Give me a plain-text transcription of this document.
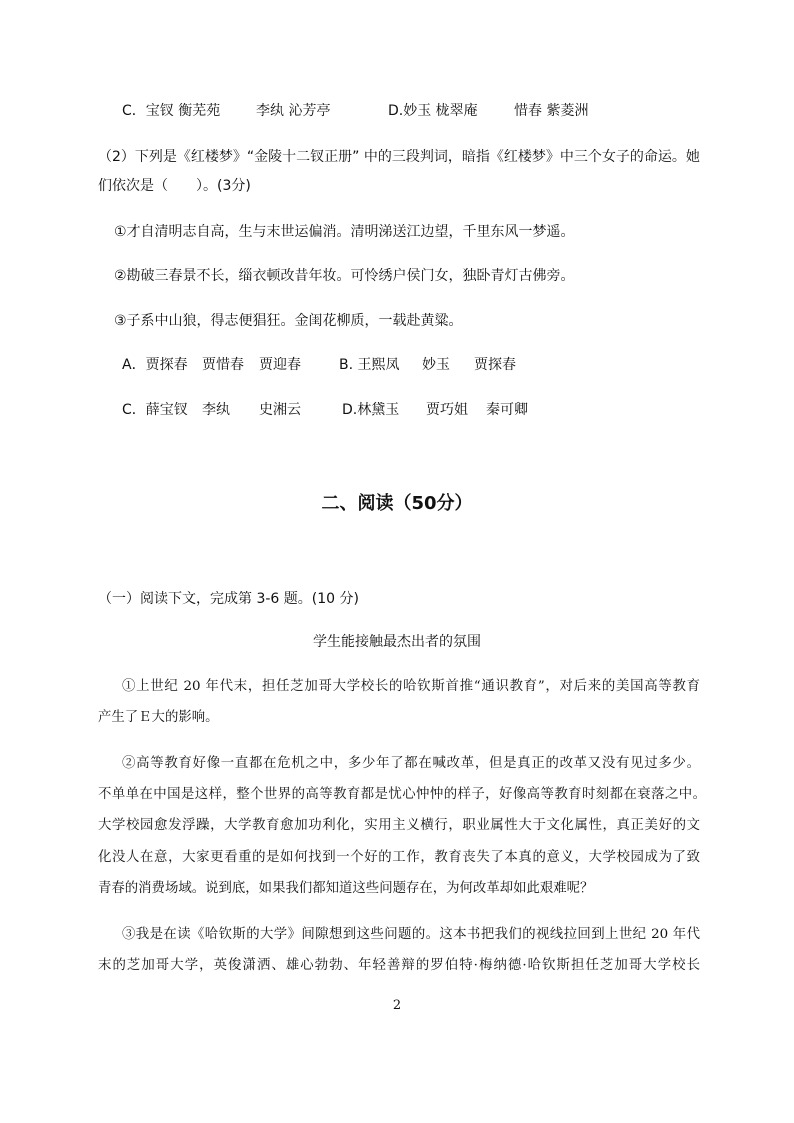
C．宝钗 衡芜苑	李纨 沁芳亭	D.妙玉 栊翠庵	惜春 紫菱洲

（2）下列是《红楼梦》“金陵十二钗正册” 中的三段判词，暗指《红楼梦》中三个女子的命运。她

们依次是（　　）。(3分)

①才自清明志自高，生与末世运偏消。清明涕送江边望，千里东风一梦遥。

②勘破三春景不长，缁衣顿改昔年妆。可怜绣户侯门女，独卧青灯古佛旁。

③子系中山狼，得志便猖狂。金闺花柳质，一载赴黄粱。

A．贾探春 贾惜春 贾迎春	B. 王熙凤 妙玉 贾探春
C．薛宝钗 李纨 史湘云	D.林黛玉 贾巧姐 秦可卿
二、阅读（50分）

（一）阅读下文，完成第 3-6 题。(10 分)

学生能接触最杰出者的氛围

①上世纪 20 年代末，担任芝加哥大学校长的哈钦斯首推“通识教育”，对后来的美国高等教育

产生了Ｅ大的影响。

②高等教育好像一直都在危机之中，多少年了都在喊改革，但是真正的改革又没有见过多少。

不单单在中国是这样，整个世界的高等教育都是忧心忡忡的样子，好像高等教育时刻都在衰落之中。

大学校园愈发浮躁，大学教育愈加功利化，实用主义横行，职业属性大于文化属性，真正美好的文

化没人在意，大家更看重的是如何找到一个好的工作，教育丧失了本真的意义，大学校园成为了致

青春的消费场域。说到底，如果我们都知道这些问题存在，为何改革却如此艰难呢？

③我是在读《哈钦斯的大学》间隙想到这些问题的。这本书把我们的视线拉回到上世纪 20 年代

末的芝加哥大学，英俊潇洒、雄心勃勃、年轻善辩的罗伯特·梅纳德·哈钦斯担任芝加哥大学校长

2
